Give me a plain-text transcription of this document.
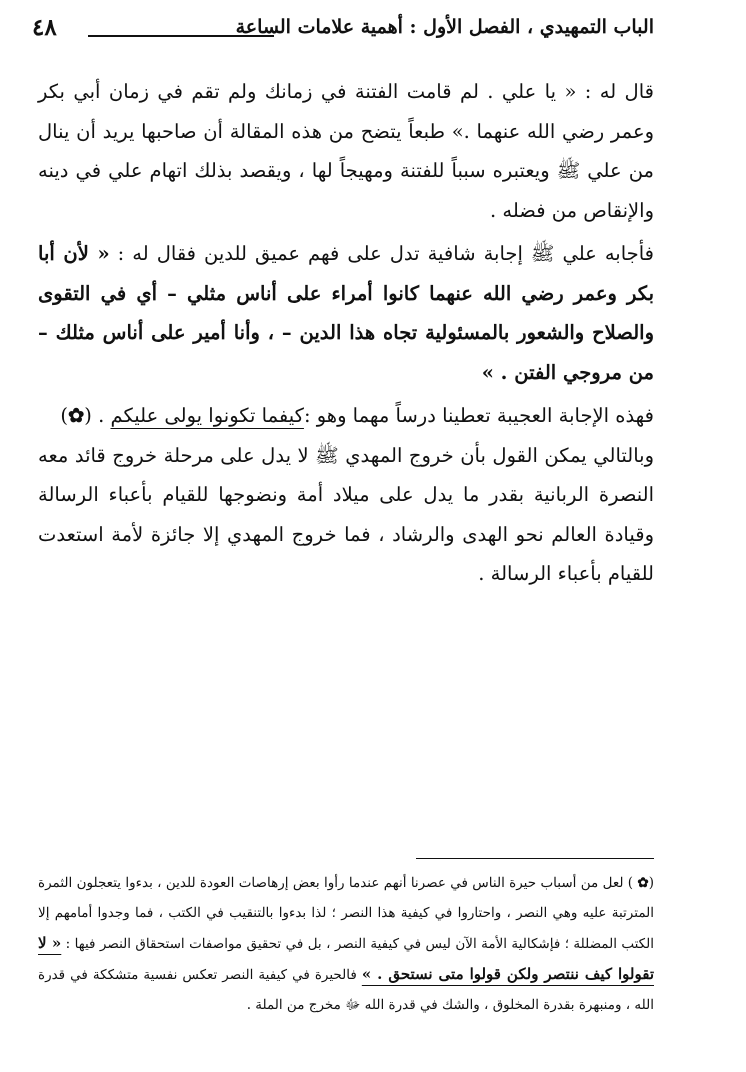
الباب التمهيدي ، الفصل الأول : أهمية علامات الساعة
٤٨

قال له : « يا علي . لم قامت الفتنة في زمانك ولم تقم في زمان أبي بكر وعمر رضي الله عنهما .» طبعاً يتضح من هذه المقالة أن صاحبها يريد أن ينال من علي ﷺ ويعتبره سبباً للفتنة ومهيجاً لها ، ويقصد بذلك اتهام علي في دينه والإنقاص من فضله .

فأجابه علي ﷺ إجابة شافية تدل على فهم عميق للدين فقال له : « لأن أبا بكر وعمر رضي الله عنهما كانوا أمراء على أناس مثلي – أي في التقوى والصلاح والشعور بالمسئولية تجاه هذا الدين – ، وأنا أمير على أناس مثلك – من مروجي الفتن . »

فهذه الإجابة العجيبة تعطينا درساً مهما وهو :كيفما تكونوا يولى عليكم . (✿)

وبالتالي يمكن القول بأن خروج المهدي ﷺ لا يدل على مرحلة خروج قائد معه النصرة الربانية بقدر ما يدل على ميلاد أمة ونضوجها للقيام بأعباء الرسالة وقيادة العالم نحو الهدى والرشاد ، فما خروج المهدي إلا جائزة لأمة استعدت للقيام بأعباء الرسالة .

(✿ ) لعل من أسباب حيرة الناس في عصرنا أنهم عندما رأوا بعض إرهاصات العودة للدين ، بدءوا يتعجلون الثمرة المترتبة عليه وهي النصر ، واحتاروا في كيفية هذا النصر ؛ لذا بدءوا بالتنقيب في الكتب ، فما وجدوا أمامهم إلا الكتب المضللة ؛ فإشكالية الأمة الآن ليس في كيفية النصر ، بل في تحقيق مواصفات استحقاق النصر فيها : « لا تقولوا كيف ننتصر ولكن قولوا متى نستحق . » فالحيرة في كيفية النصر تعكس نفسية متشككة في قدرة الله ، ومنبهرة بقدرة المخلوق ، والشك في قدرة الله ﷻ مخرج من الملة .
